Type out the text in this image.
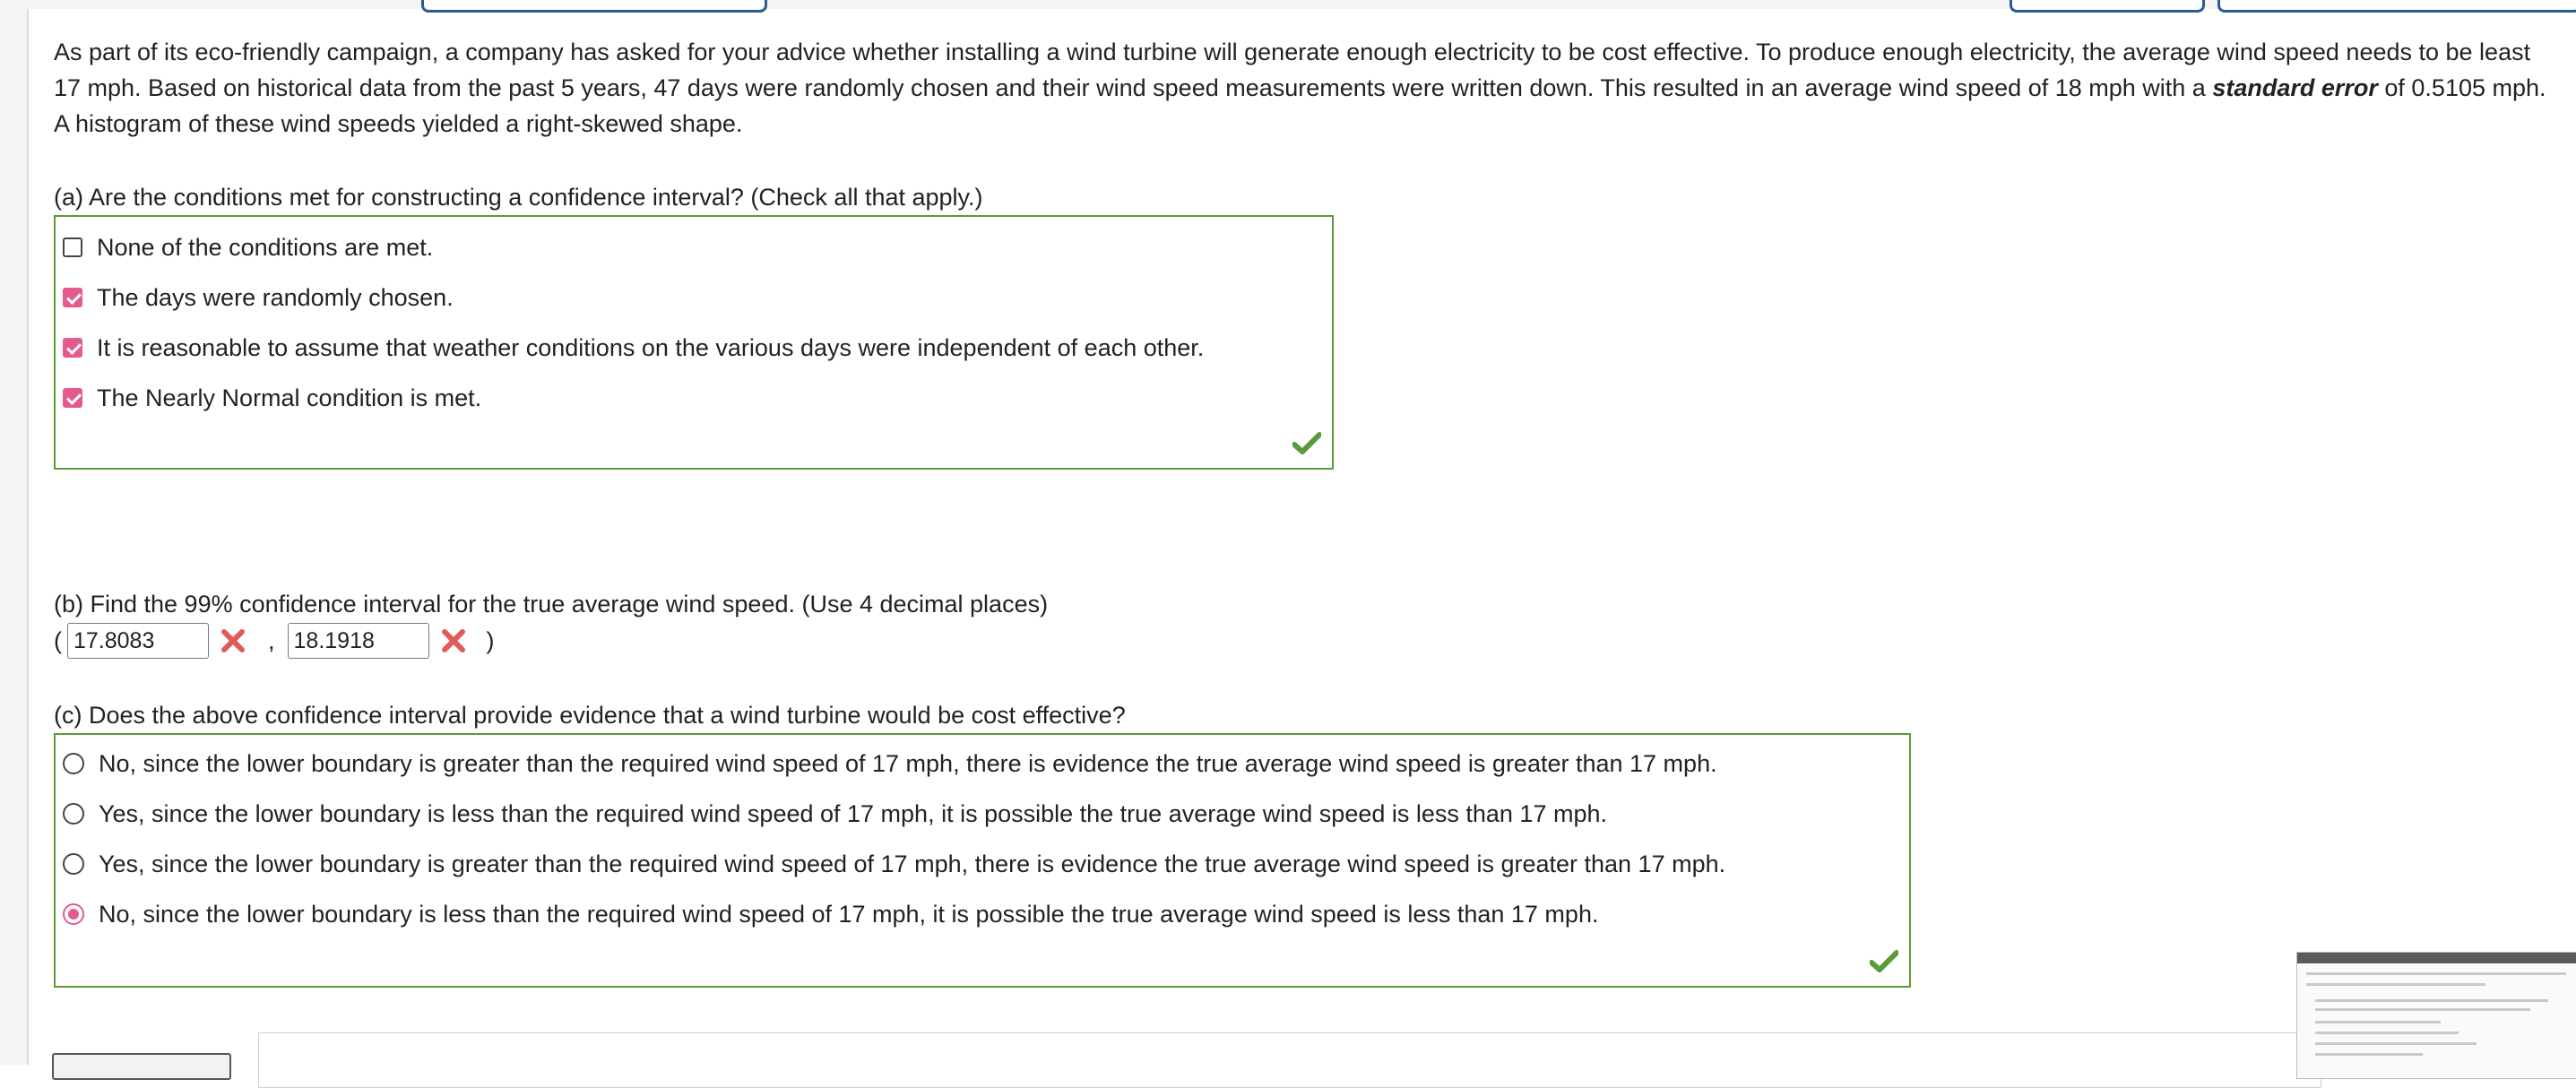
As part of its eco-friendly campaign, a company has asked for your advice whether installing a wind turbine will generate enough electricity to be cost effective. To produce enough electricity, the average wind speed needs to be least 17 mph. Based on historical data from the past 5 years, 47 days were randomly chosen and their wind speed measurements were written down. This resulted in an average wind speed of 18 mph with a standard error of 0.5105 mph. A histogram of these wind speeds yielded a right-skewed shape.
(a) Are the conditions met for constructing a confidence interval? (Check all that apply.)
None of the conditions are met.
The days were randomly chosen.
It is reasonable to assume that weather conditions on the various days were independent of each other.
The Nearly Normal condition is met.
(b) Find the 99% confidence interval for the true average wind speed. (Use 4 decimal places)
(
17.8083	,
18.1918	)
(c) Does the above confidence interval provide evidence that a wind turbine would be cost effective?
No, since the lower boundary is greater than the required wind speed of 17 mph, there is evidence the true average wind speed is greater than 17 mph.
Yes, since the lower boundary is less than the required wind speed of 17 mph, it is possible the true average wind speed is less than 17 mph.
Yes, since the lower boundary is greater than the required wind speed of 17 mph, there is evidence the true average wind speed is greater than 17 mph.
No, since the lower boundary is less than the required wind speed of 17 mph, it is possible the true average wind speed is less than 17 mph.
